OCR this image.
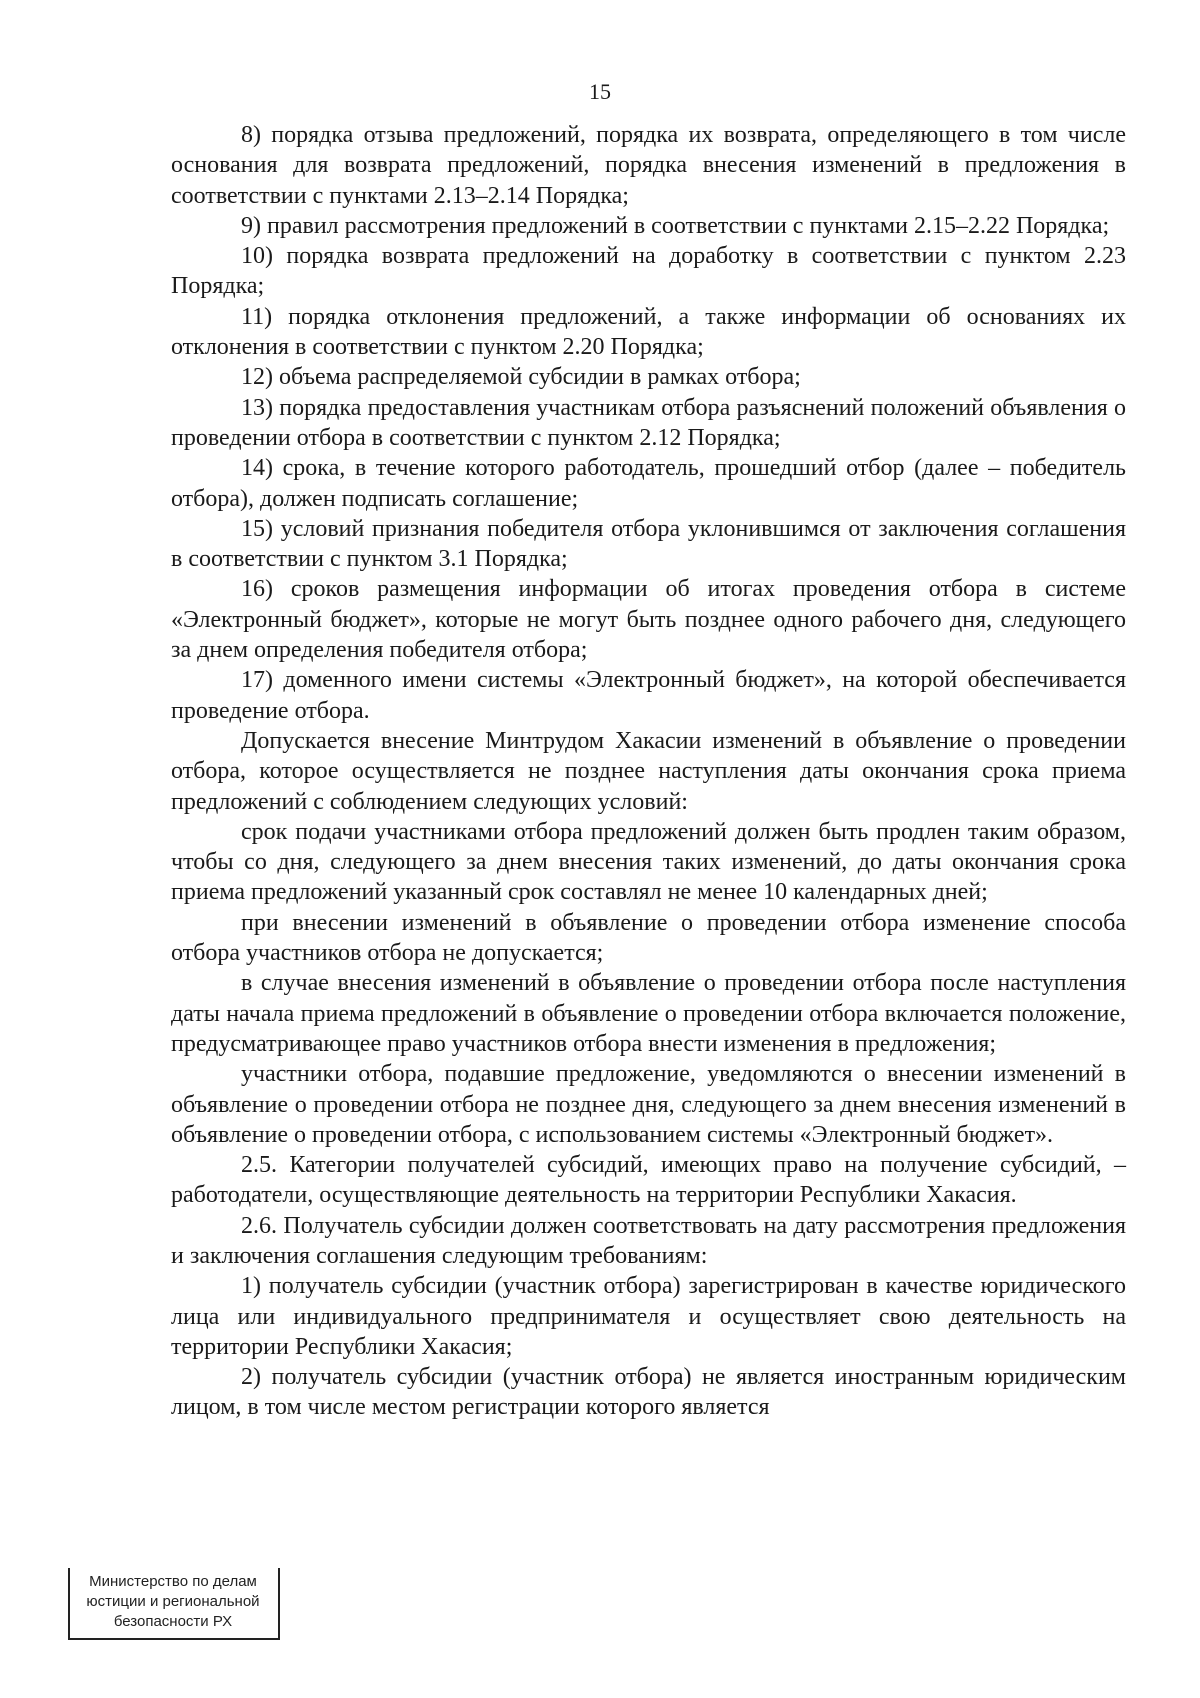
15

8) порядка отзыва предложений, порядка их возврата, определяющего в том числе основания для возврата предложений, порядка внесения изменений в предложения в соответствии с пунктами 2.13–2.14 Порядка;

9) правил рассмотрения предложений в соответствии с пунктами 2.15–2.22 Порядка;

10) порядка возврата предложений на доработку в соответствии с пунктом 2.23 Порядка;

11) порядка отклонения предложений, а также информации об основаниях их отклонения в соответствии с пунктом 2.20 Порядка;

12) объема распределяемой субсидии в рамках отбора;

13) порядка предоставления участникам отбора разъяснений положений объявления о проведении отбора в соответствии с пунктом 2.12 Порядка;

14) срока, в течение которого работодатель, прошедший отбор (далее – победитель отбора), должен подписать соглашение;

15) условий признания победителя отбора уклонившимся от заключения соглашения в соответствии с пунктом 3.1 Порядка;

16) сроков размещения информации об итогах проведения отбора в системе «Электронный бюджет», которые не могут быть позднее одного рабочего дня, следующего за днем определения победителя отбора;

17) доменного имени системы «Электронный бюджет», на которой обеспечивается проведение отбора.

Допускается внесение Минтрудом Хакасии изменений в объявление о проведении отбора, которое осуществляется не позднее наступления даты окончания срока приема предложений с соблюдением следующих условий:

срок подачи участниками отбора предложений должен быть продлен таким образом, чтобы со дня, следующего за днем внесения таких изменений, до даты окончания срока приема предложений указанный срок составлял не менее 10 календарных дней;

при внесении изменений в объявление о проведении отбора изменение способа отбора участников отбора не допускается;

в случае внесения изменений в объявление о проведении отбора после наступления даты начала приема предложений в объявление о проведении отбора включается положение, предусматривающее право участников отбора внести изменения в предложения;

участники отбора, подавшие предложение, уведомляются о внесении изменений в объявление о проведении отбора не позднее дня, следующего за днем внесения изменений в объявление о проведении отбора, с использованием системы «Электронный бюджет».

2.5. Категории получателей субсидий, имеющих право на получение субсидий, – работодатели, осуществляющие деятельность на территории Республики Хакасия.

2.6. Получатель субсидии должен соответствовать на дату рассмотрения предложения и заключения соглашения следующим требованиям:

1) получатель субсидии (участник отбора) зарегистрирован в качестве юридического лица или индивидуального предпринимателя и осуществляет свою деятельность на территории Республики Хакасия;

2) получатель субсидии (участник отбора) не является иностранным юридическим лицом, в том числе местом регистрации которого является

Министерство по делам
юстиции и региональной
безопасности РХ
